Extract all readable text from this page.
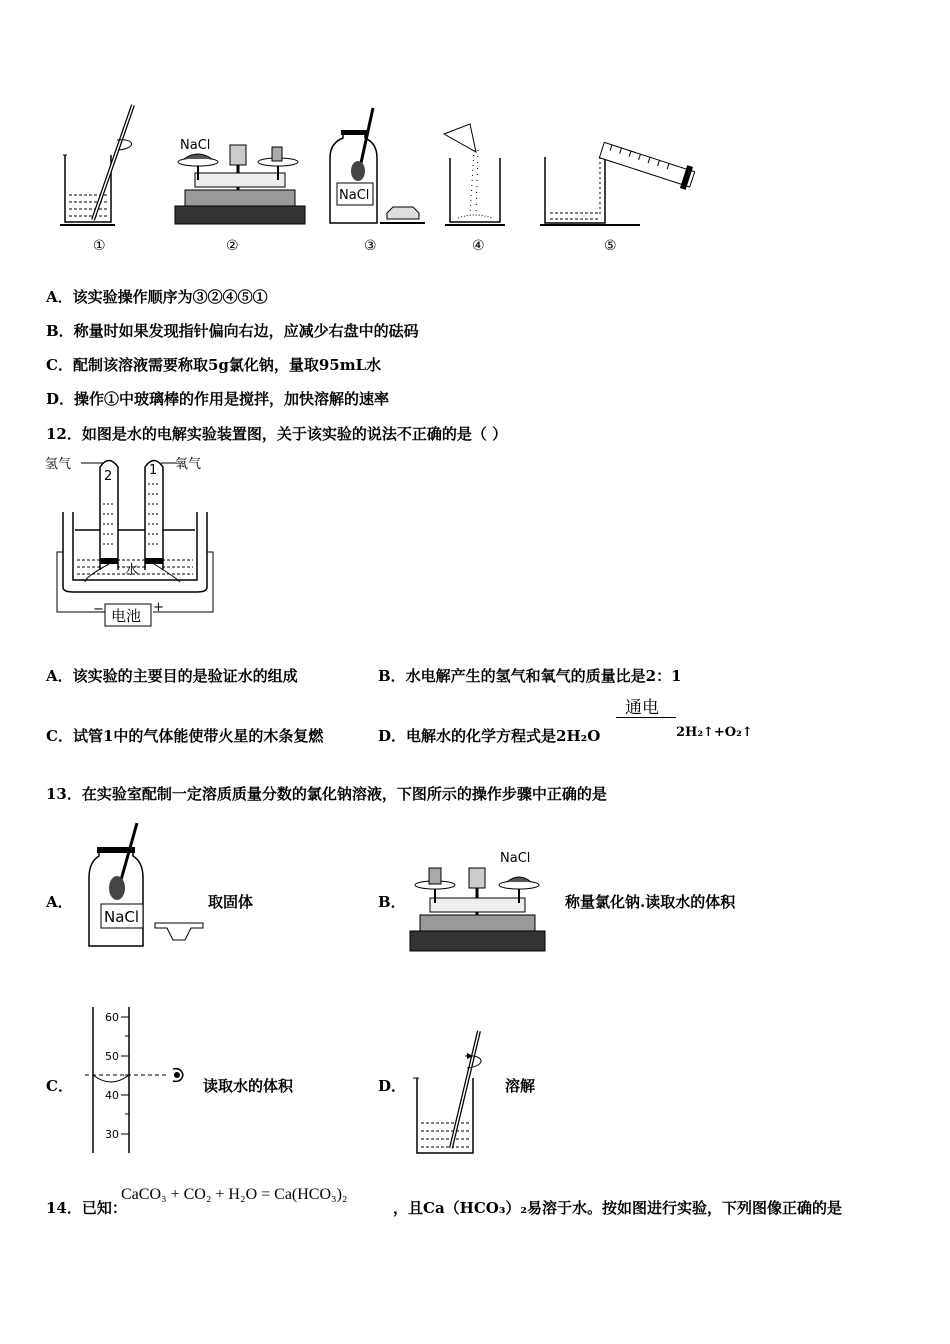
①
NaCl
②
NaCl
③	④	⑤
A．该实验操作顺序为③②④⑤①
B．称量时如果发现指针偏向右边，应减少右盘中的砝码
C．配制该溶液需要称取5g氯化钠，量取95mL水
D．操作①中玻璃棒的作用是搅拌，加快溶解的速率
12．如图是水的电解实验装置图，关于该实验的说法不正确的是（ ）
氢气	氧气
2	1
水
电池
−	+
A．该实验的主要目的是验证水的组成	B．水电解产生的氢气和氧气的质量比是2：1
C．试管1中的气体能使带火星的木条复燃	D．电解水的化学方程式是2H₂O
通电
2H₂↑+O₂↑
13．在实验室配制一定溶质质量分数的氯化钠溶液，下图所示的操作步骤中正确的是
A．
NaCl
取固体	B．
NaCl
称量氯化钠.读取水的体积
C．
60
50
40
30
读取水的体积	D．	溶解
14．已知：
CaCO₃ + CO₂ + H₂O = Ca(HCO₃)₂
，且Ca（HCO₃）₂易溶于水。按如图进行实验，下列图像正确的是
